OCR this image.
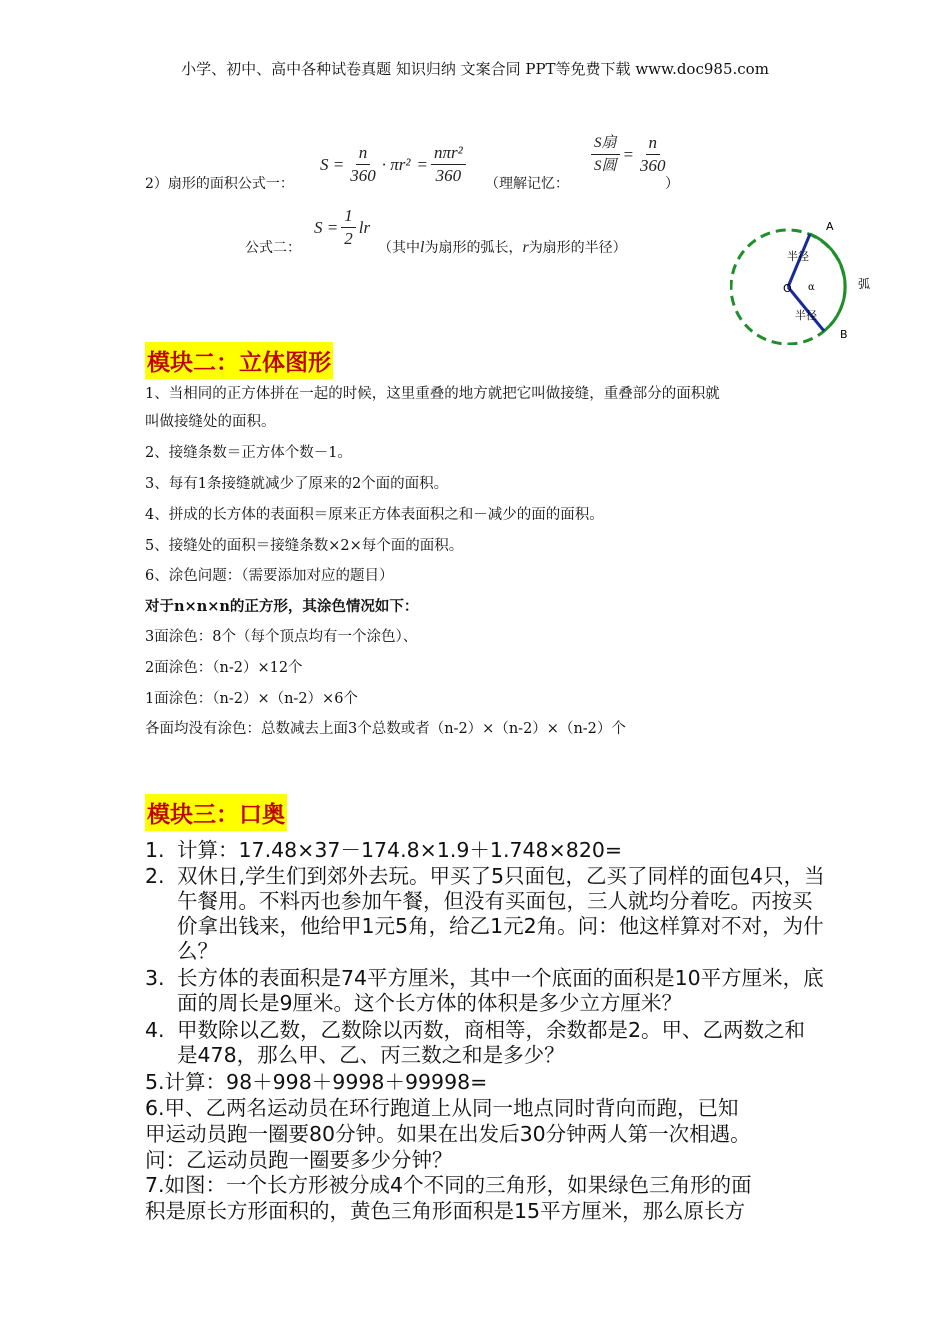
小学、初中、高中各种试卷真题 知识归纳 文案合同 PPT等免费下载 www.doc985.com
2）扇形的面积公式一：
$S = \frac{n}{360} \cdot \pi r^2 = \frac{\text{nπr²}}{360}$ （理解记忆：
$\frac{\text{S扇}}{\text{S圆}} = \frac{n}{360}$
）
公式二：
$S = \frac{1}{2}$ lr
（其中l为扇形的弧长，r为扇形的半径）
A
B
O α
半径
半径
弧
模块二：立体图形
1、当相同的正方体拼在一起的时候，这里重叠的地方就把它叫做接缝，重叠部分的面积就
叫做接缝处的面积。
2、接缝条数＝正方体个数－1。
3、每有1条接缝就减少了原来的2个面的面积。
4、拼成的长方体的表面积＝原来正方体表面积之和－减少的面的面积。
5、接缝处的面积＝接缝条数×2×每个面的面积。
6、涂色问题：（需要添加对应的题目）
对于n×n×n的正方形，其涂色情况如下：
3面涂色：8个（每个顶点均有一个涂色）、
2面涂色：（n-2）×12个
1面涂色：（n-2）×（n-2）×6个
各面均没有涂色：总数减去上面3个总数或者（n-2）×（n-2）×（n-2）个
模块三：口奥
1. 计算：17.48×37－174.8×1.9＋1.748×820=
2. 双休日,学生们到郊外去玩。甲买了5只面包，乙买了同样的面包4只，当午餐用。不料丙也参加午餐，但没有买面包，三人就均分着吃。丙按买价拿出钱来，他给甲1元5角，给乙1元2角。问：他这样算对不对，为什么？
3. 长方体的表面积是74平方厘米，其中一个底面的面积是10平方厘米，底面的周长是9厘米。这个长方体的体积是多少立方厘米？
4. 甲数除以乙数，乙数除以丙数，商相等，余数都是2。甲、乙两数之和是478，那么甲、乙、丙三数之和是多少？
5.计算：98＋998＋9998＋99998=
6.甲、乙两名运动员在环行跑道上从同一地点同时背向而跑，已知
甲运动员跑一圈要80分钟。如果在出发后30分钟两人第一次相遇。
问：乙运动员跑一圈要多少分钟？
7.如图：一个长方形被分成4个不同的三角形，如果绿色三角形的面
积是原长方形面积的，黄色三角形面积是15平方厘米，那么原长方
